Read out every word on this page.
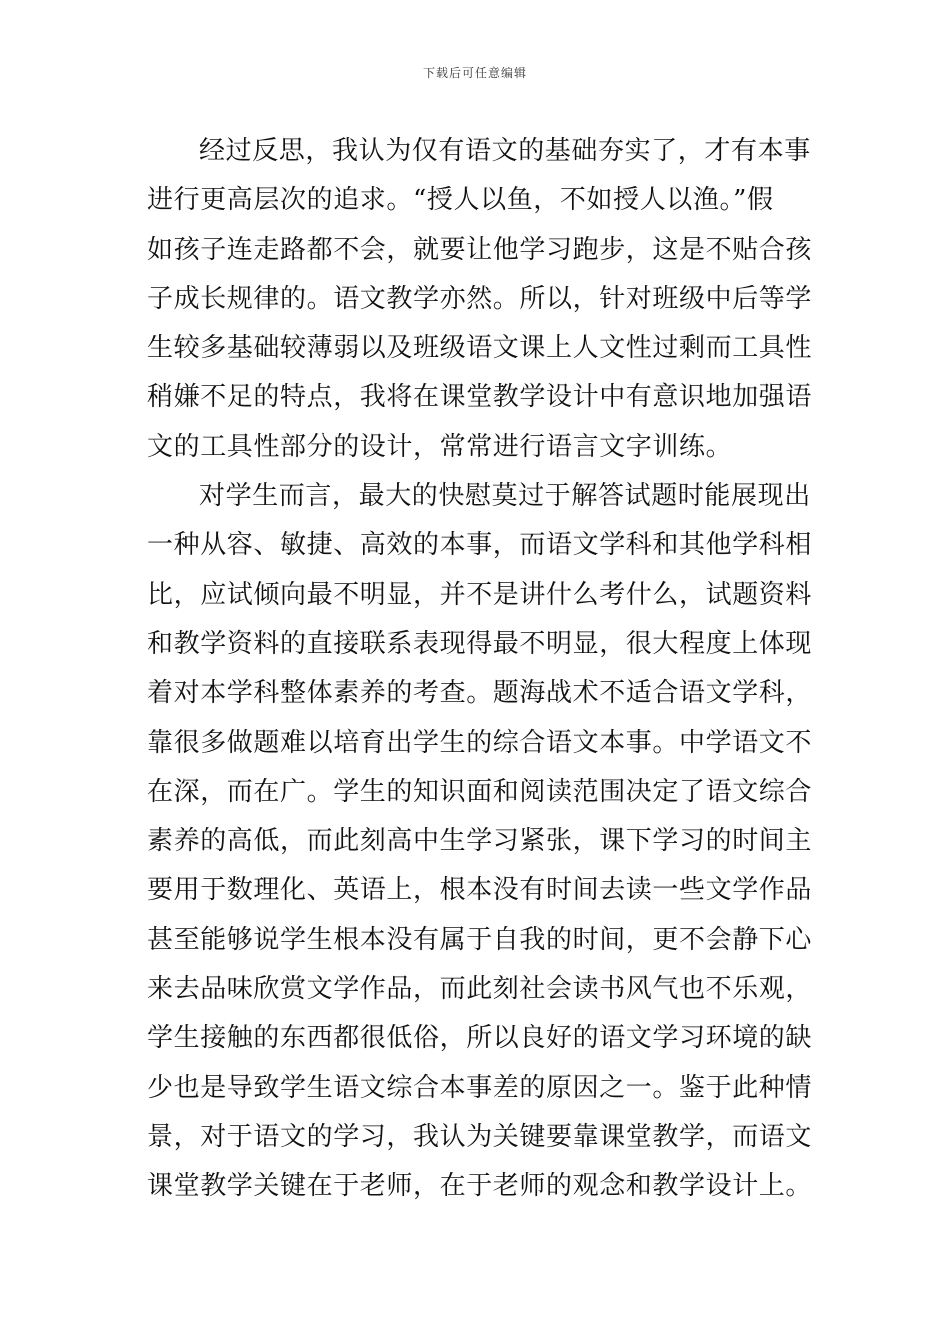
下载后可任意编辑
经过反思，我认为仅有语文的基础夯实了，才有本事
进行更高层次的追求。“授人以鱼，不如授人以渔。”假
如孩子连走路都不会，就要让他学习跑步，这是不贴合孩
子成长规律的。语文教学亦然。所以，针对班级中后等学
生较多基础较薄弱以及班级语文课上人文性过剩而工具性
稍嫌不足的特点，我将在课堂教学设计中有意识地加强语
文的工具性部分的设计，常常进行语言文字训练。
对学生而言，最大的快慰莫过于解答试题时能展现出
一种从容、敏捷、高效的本事，而语文学科和其他学科相
比，应试倾向最不明显，并不是讲什么考什么，试题资料
和教学资料的直接联系表现得最不明显，很大程度上体现
着对本学科整体素养的考查。题海战术不适合语文学科，
靠很多做题难以培育出学生的综合语文本事。中学语文不
在深，而在广。学生的知识面和阅读范围决定了语文综合
素养的高低，而此刻高中生学习紧张，课下学习的时间主
要用于数理化、英语上，根本没有时间去读一些文学作品
甚至能够说学生根本没有属于自我的时间，更不会静下心
来去品味欣赏文学作品，而此刻社会读书风气也不乐观，
学生接触的东西都很低俗，所以良好的语文学习环境的缺
少也是导致学生语文综合本事差的原因之一。鉴于此种情
景，对于语文的学习，我认为关键要靠课堂教学，而语文
课堂教学关键在于老师，在于老师的观念和教学设计上。
